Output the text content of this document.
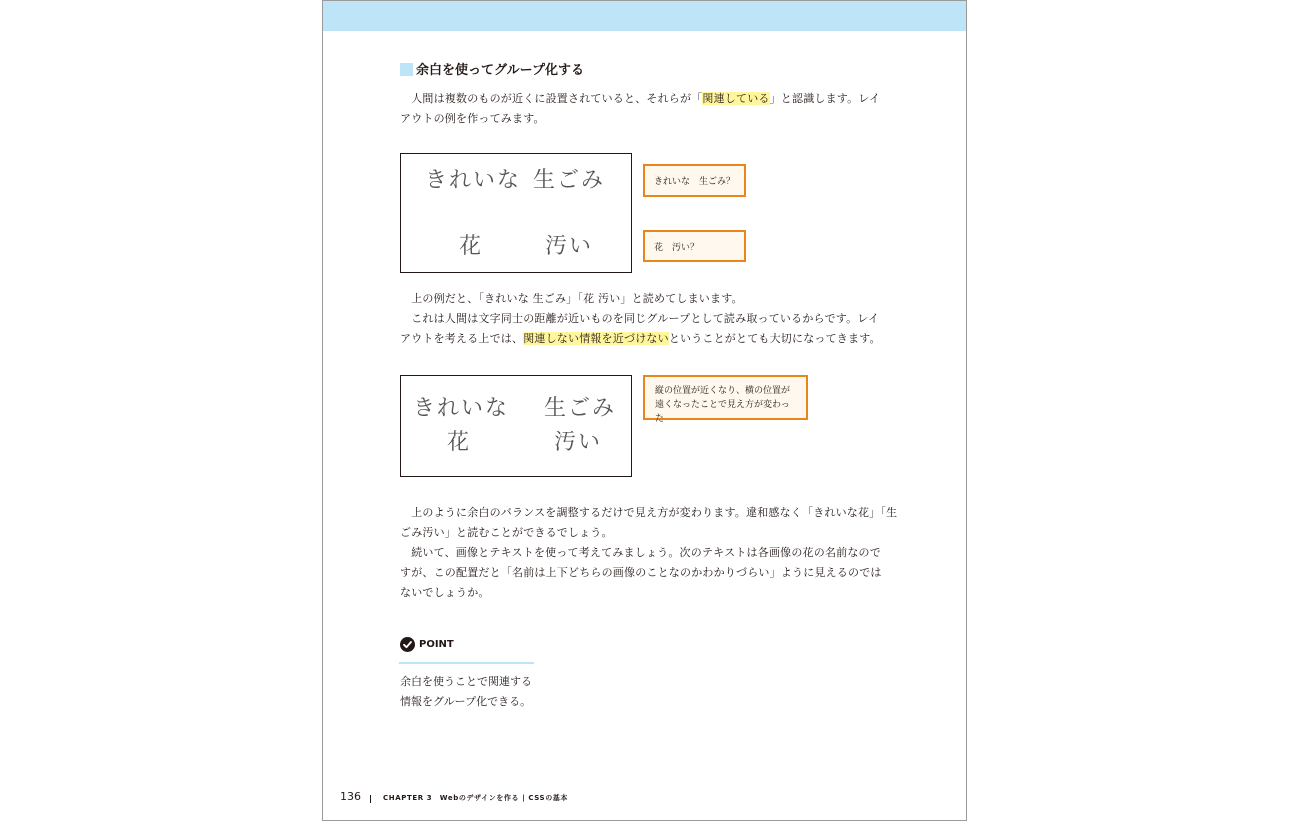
余白を使ってグループ化する
 人間は複数のものが近くに設置されていると、それらが「関連している」と認識します。レイ
アウトの例を作ってみます。
きれいな 生ごみ
花	汚い
きれいな　生ごみ？
花　汚い？
 上の例だと、「きれいな 生ごみ」「花 汚い」と読めてしまいます。
 これは人間は文字同士の距離が近いものを同じグループとして読み取っているからです。レイ
アウトを考える上では、関連しない情報を近づけないということがとても大切になってきます。
きれいな 生ごみ
花	汚い
縦の位置が近くなり、横の位置が
遠くなったことで見え方が変わった
 上のように余白のバランスを調整するだけで見え方が変わります。違和感なく「きれいな花」「生
ごみ汚い」と読むことができるでしょう。
 続いて、画像とテキストを使って考えてみましょう。次のテキストは各画像の花の名前なので
すが、この配置だと「名前は上下どちらの画像のことなのかわかりづらい」ように見えるのでは
ないでしょうか。
POINT
余白を使うことで関連する
情報をグループ化できる。
136	CHAPTER 3　Webのデザインを作る | CSSの基本
